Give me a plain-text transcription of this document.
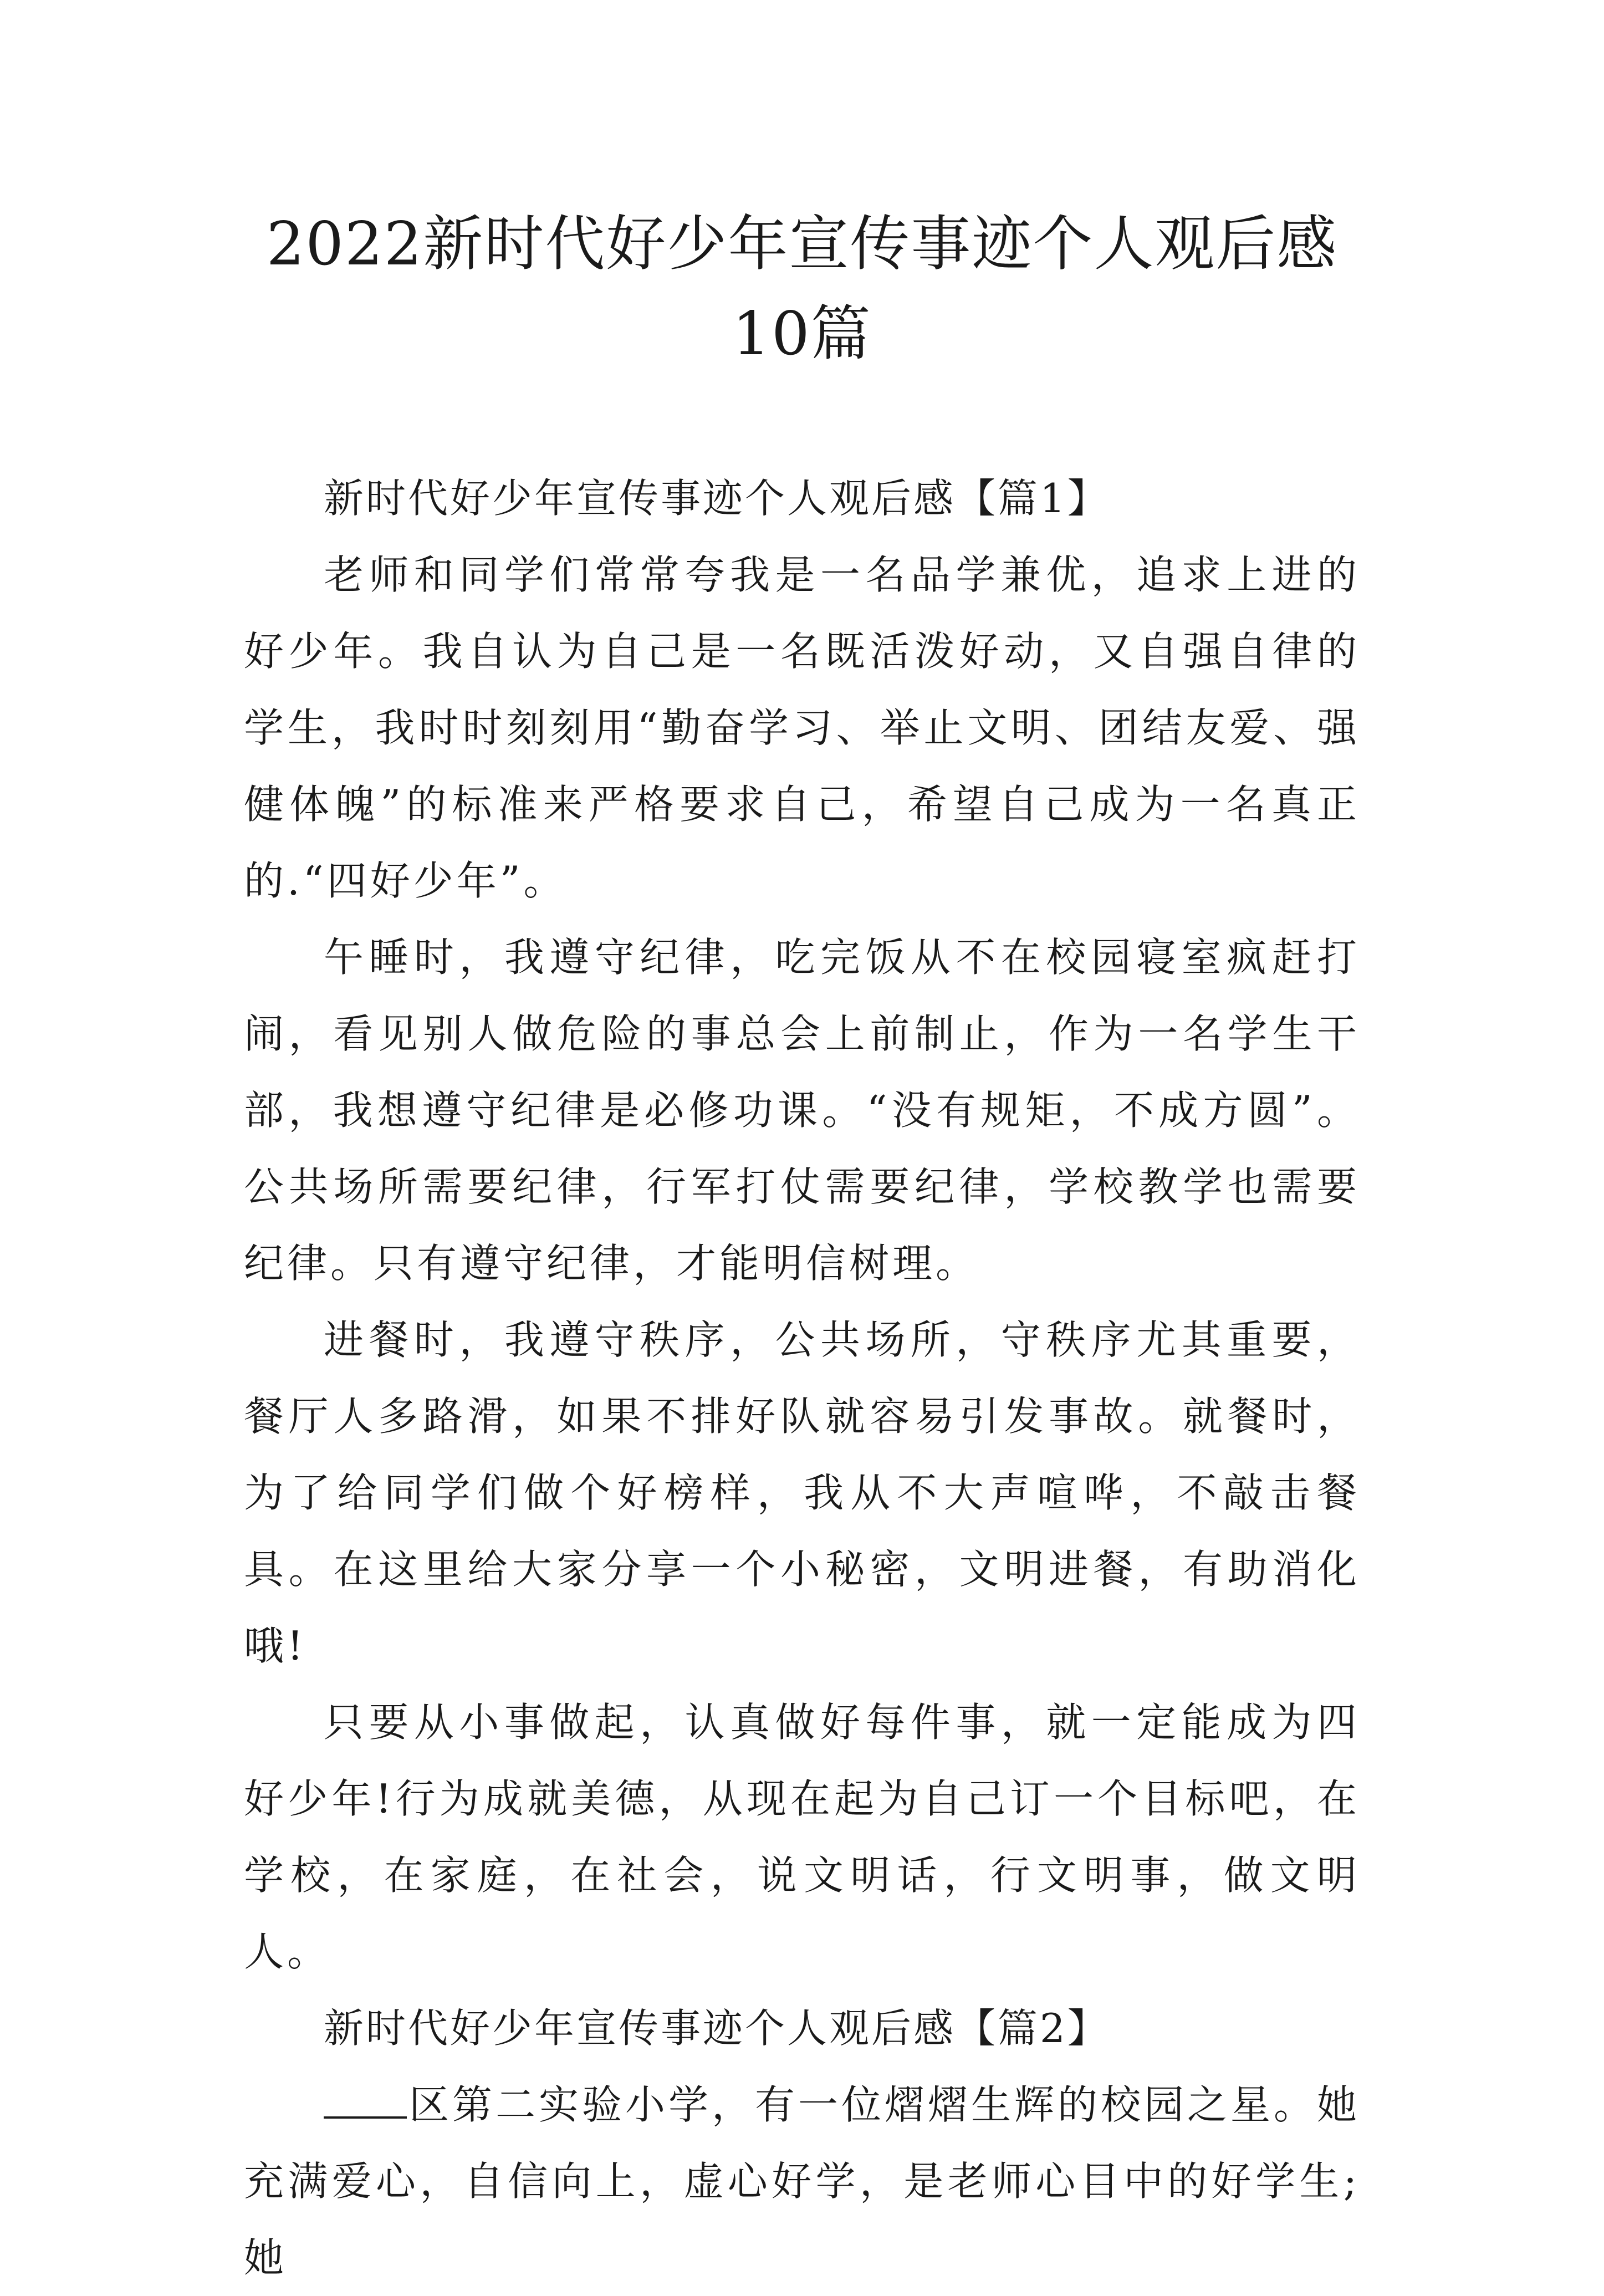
2022新时代好少年宣传事迹个人观后感10篇

新时代好少年宣传事迹个人观后感【篇1】

老师和同学们常常夸我是一名品学兼优，追求上进的好少年。我自认为自己是一名既活泼好动，又自强自律的学生，我时时刻刻用“勤奋学习、举止文明、团结友爱、强健体魄”的标准来严格要求自己，希望自己成为一名真正的.“四好少年”。

午睡时，我遵守纪律，吃完饭从不在校园寝室疯赶打闹，看见别人做危险的事总会上前制止，作为一名学生干部，我想遵守纪律是必修功课。“没有规矩，不成方圆”。公共场所需要纪律，行军打仗需要纪律，学校教学也需要纪律。只有遵守纪律，才能明信树理。

进餐时，我遵守秩序，公共场所，守秩序尤其重要，餐厅人多路滑，如果不排好队就容易引发事故。就餐时，为了给同学们做个好榜样，我从不大声喧哗，不敲击餐具。在这里给大家分享一个小秘密，文明进餐，有助消化哦!

只要从小事做起，认真做好每件事，就一定能成为四好少年!行为成就美德，从现在起为自己订一个目标吧，在学校，在家庭，在社会，说文明话，行文明事，做文明人。

新时代好少年宣传事迹个人观后感【篇2】

区第二实验小学，有一位熠熠生辉的校园之星。她充满爱心，自信向上，虚心好学，是老师心目中的好学生;她
